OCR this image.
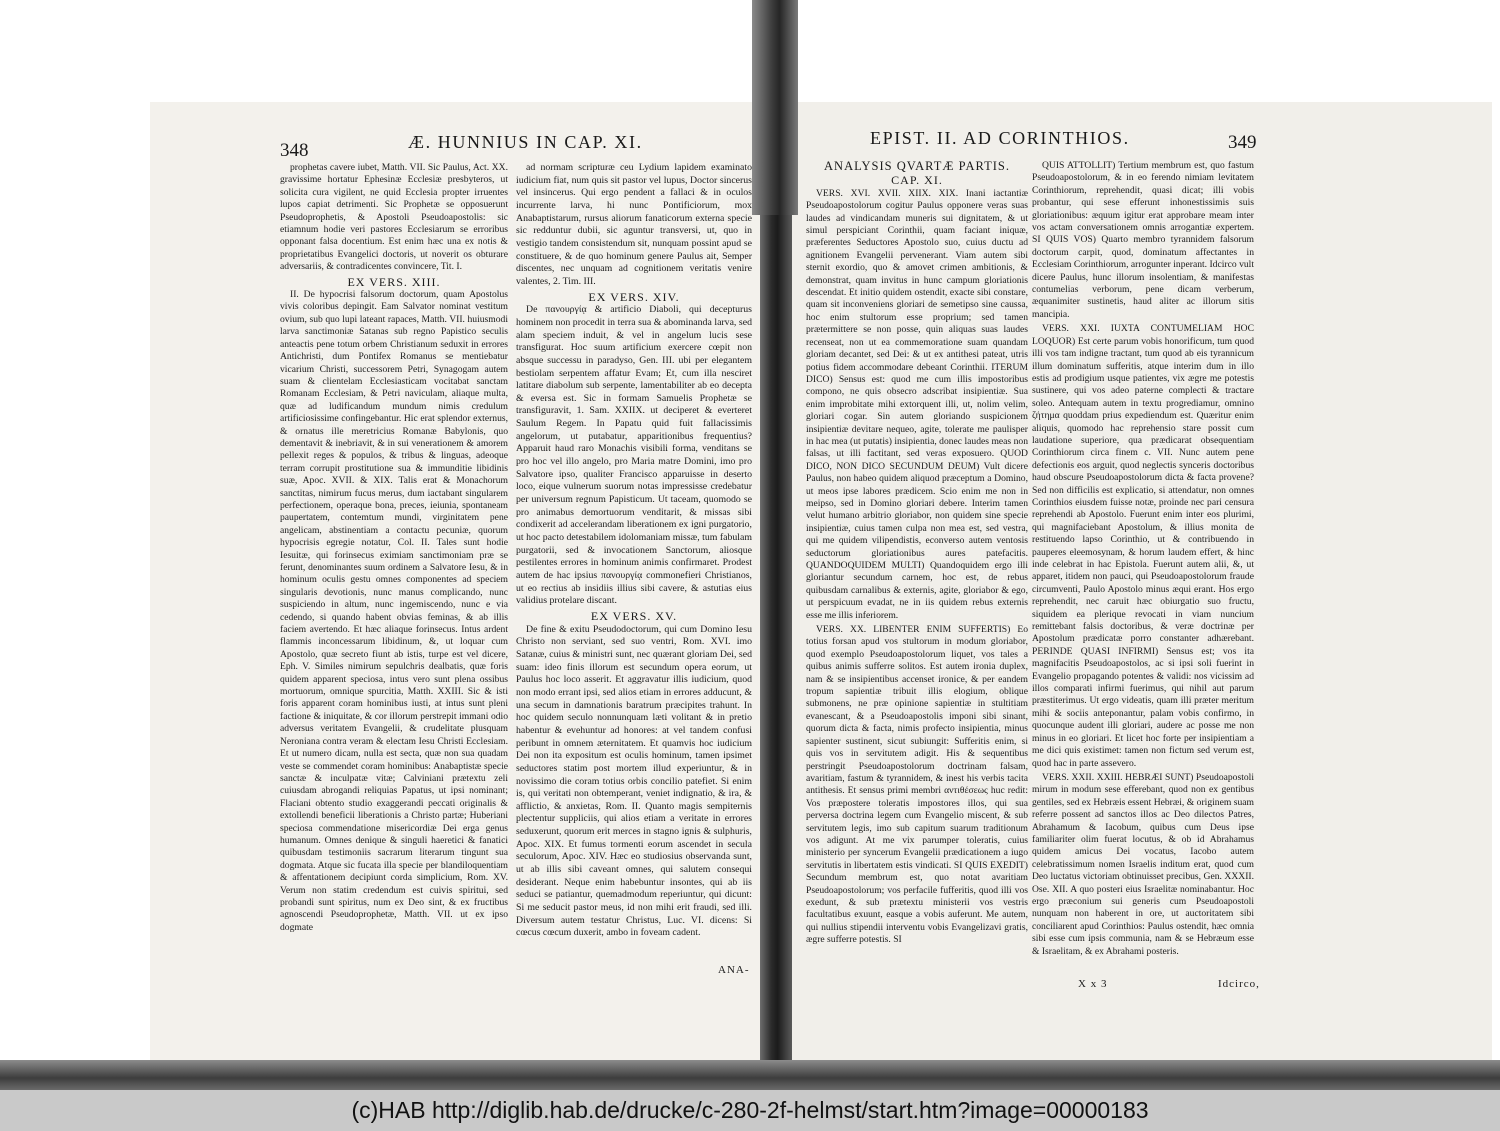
348	Æ. HUNNIUS IN CAP. XI.

prophetas cavere iubet, Matth. VII. Sic Paulus, Act. XX. gravissime hortatur Ephesinæ Ecclesiæ presbyteros, ut solicita cura vigilent, ne quid Ecclesia propter irruentes lupos capiat detrimenti. Sic Prophetæ se opposuerunt Pseudoprophetis, & Apostoli Pseudoapostolis: sic etiamnum hodie veri pastores Ecclesiarum se erroribus opponant falsa docentium. Est enim hæc una ex notis & proprietatibus Evangelici doctoris, ut noverit os obturare adversariis, & contradicentes convincere, Tit. I.

EX VERS. XIII.

II. De hypocrisi falsorum doctorum, quam Apostolus vivis coloribus depingit. Eam Salvator nominat vestitum ovium, sub quo lupi lateant rapaces, Matth. VII. huiusmodi larva sanctimoniæ Satanas sub regno Papistico seculis anteactis pene totum orbem Christianum seduxit in errores Antichristi, dum Pontifex Romanus se mentiebatur vicarium Christi, successorem Petri, Synagogam autem suam & clientelam Ecclesiasticam vocitabat sanctam Romanam Ecclesiam, & Petri naviculam, aliaque multa, quæ ad ludificandum mundum nimis credulum artificiosissime confingebantur. Hic erat splendor externus, & ornatus ille meretricius Romanæ Babylonis, quo dementavit & inebriavit, & in sui venerationem & amorem pellexit reges & populos, & tribus & linguas, adeoque terram corrupit prostitutione sua & immunditie libidinis suæ, Apoc. XVII. & XIX. Talis erat & Monachorum sanctitas, nimirum fucus merus, dum iactabant singularem perfectionem, operaque bona, preces, ieiunia, spontaneam paupertatem, contemtum mundi, virginitatem pene angelicam, abstinentiam a contactu pecuniæ, quorum hypocrisis egregie notatur, Col. II. Tales sunt hodie Iesuitæ, qui forinsecus eximiam sanctimoniam præ se ferunt, denominantes suum ordinem a Salvatore Iesu, & in hominum oculis gestu omnes componentes ad speciem singularis devotionis, nunc manus complicando, nunc suspiciendo in altum, nunc ingemiscendo, nunc e via cedendo, si quando habent obvias feminas, & ab illis faciem avertendo. Et hæc aliaque forinsecus. Intus ardent flammis inconcessarum libidinum, &, ut loquar cum Apostolo, quæ secreto fiunt ab istis, turpe est vel dicere, Eph. V. Similes nimirum sepulchris dealbatis, quæ foris quidem apparent speciosa, intus vero sunt plena ossibus mortuorum, omnique spurcitia, Matth. XXIII. Sic & isti foris apparent coram hominibus iusti, at intus sunt pleni factione & iniquitate, & cor illorum perstrepit immani odio adversus veritatem Evangelii, & crudelitate plusquam Neroniana contra veram & electam Iesu Christi Ecclesiam. Et ut numero dicam, nulla est secta, quæ non sua quadam veste se commendet coram hominibus: Anabaptistæ specie sanctæ & inculpatæ vitæ; Calviniani prætextu zeli cuiusdam abrogandi reliquias Papatus, ut ipsi nominant; Flaciani obtento studio exaggerandi peccati originalis & extollendi beneficii liberationis a Christo partæ; Huberiani speciosa commendatione misericordiæ Dei erga genus humanum. Omnes denique & singuli haeretici & fanatici quibusdam testimoniis sacrarum literarum tingunt sua dogmata. Atque sic fucata illa specie per blandiloquentiam & affentationem decipiunt corda simplicium, Rom. XV. Verum non statim credendum est cuivis spiritui, sed probandi sunt spiritus, num ex Deo sint, & ex fructibus agnoscendi Pseudoprophetæ, Matth. VII. ut ex ipso dogmate

ad normam scripturæ ceu Lydium lapidem examinato iudicium fiat, num quis sit pastor vel lupus, Doctor sincerus vel insincerus. Qui ergo pendent a fallaci & in oculos incurrente larva, hi nunc Pontificiorum, mox Anabaptistarum, rursus aliorum fanaticorum externa specie sic redduntur dubii, sic aguntur transversi, ut, quo in vestigio tandem consistendum sit, nunquam possint apud se constituere, & de quo hominum genere Paulus ait, Semper discentes, nec unquam ad cognitionem veritatis venire valentes, 2. Tim. III.

EX VERS. XIV.

De πανουργίᾳ & artificio Diaboli, qui decepturus hominem non procedit in terra sua & abominanda larva, sed alam speciem induit, & vel in angelum lucis sese transfigurat. Hoc suum artificium exercere cœpit non absque successu in paradyso, Gen. III. ubi per elegantem bestiolam serpentem affatur Evam; Et, cum illa nesciret latitare diabolum sub serpente, lamentabiliter ab eo decepta & eversa est. Sic in formam Samuelis Prophetæ se transfiguravit, 1. Sam. XXIIX. ut deciperet & everteret Saulum Regem. In Papatu quid fuit fallacissimis angelorum, ut putabatur, apparitionibus frequentius? Apparuit haud raro Monachis visibili forma, venditans se pro hoc vel illo angelo, pro Maria matre Domini, imo pro Salvatore ipso, qualiter Francisco apparuisse in deserto loco, eique vulnerum suorum notas impressisse credebatur per universum regnum Papisticum. Ut taceam, quomodo se pro animabus demortuorum venditarit, & missas sibi condixerit ad accelerandam liberationem ex igni purgatorio, ut hoc pacto detestabilem idolomaniam missæ, tum fabulam purgatorii, sed & invocationem Sanctorum, aliosque pestilentes errores in hominum animis confirmaret. Prodest autem de hac ipsius πανουργίᾳ commonefieri Christianos, ut eo rectius ab insidiis illius sibi cavere, & astutias eius validius protelare discant.

EX VERS. XV.

De fine & exitu Pseudodoctorum, qui cum Domino Iesu Christo non serviant, sed suo ventri, Rom. XVI. imo Satanæ, cuius & ministri sunt, nec quærant gloriam Dei, sed suam: ideo finis illorum est secundum opera eorum, ut Paulus hoc loco asserit. Et aggravatur illis iudicium, quod non modo errant ipsi, sed alios etiam in errores adducunt, & una secum in damnationis baratrum præcipites trahunt. In hoc quidem seculo nonnunquam læti volitant & in pretio habentur & evehuntur ad honores: at vel tandem confusi peribunt in omnem æternitatem. Et quamvis hoc iudicium Dei non ita expositum est oculis hominum, tamen ipsimet seductores statim post mortem illud experiuntur, & in novissimo die coram totius orbis concilio patefiet. Si enim is, qui veritati non obtemperant, veniet indignatio, & ira, & afflictio, & anxietas, Rom. II. Quanto magis sempiternis plectentur suppliciis, qui alios etiam a veritate in errores seduxerunt, quorum erit merces in stagno ignis & sulphuris, Apoc. XIX. Et fumus tormenti eorum ascendet in secula seculorum, Apoc. XIV. Hæc eo studiosius observanda sunt, ut ab illis sibi caveant omnes, qui salutem consequi desiderant. Neque enim habebuntur insontes, qui ab iis seduci se patiantur, quemadmodum reperiuntur, qui dicunt: Si me seducit pastor meus, id non mihi erit fraudi, sed illi. Diversum autem testatur Christus, Luc. VI. dicens: Si cœcus cœcum duxerit, ambo in foveam cadent.

ANA-
EPIST. II. AD CORINTHIOS.	349
ANALYSIS QVARTÆ PARTIS.
CAP. XI.

VERS. XVI. XVII. XIIX. XIX. Inani iactantiæ Pseudoapostolorum cogitur Paulus opponere veras suas laudes ad vindicandam muneris sui dignitatem, & ut simul perspiciant Corinthii, quam faciant iniquæ, præferentes Seductores Apostolo suo, cuius ductu ad agnitionem Evangelii pervenerant. Viam autem sibi sternit exordio, quo & amovet crimen ambitionis, & demonstrat, quam invitus in hunc campum gloriationis descendat. Et initio quidem ostendit, exacte sibi constare, quam sit inconveniens gloriari de semetipso sine caussa, hoc enim stultorum esse proprium; sed tamen prætermittere se non posse, quin aliquas suas laudes recenseat, non ut ea commemoratione suam quandam gloriam decantet, sed Dei: & ut ex antithesi pateat, utris potius fidem accommodare debeant Corinthii. ITERUM DICO) Sensus est: quod me cum illis impostoribus compono, ne quis obsecro adscribat insipientiæ. Sua enim improbitate mihi extorquent illi, ut, nolim velim, gloriari cogar. Sin autem gloriando suspicionem insipientiæ devitare nequeo, agite, tolerate me paulisper in hac mea (ut putatis) insipientia, donec laudes meas non falsas, ut illi factitant, sed veras exposuero. QUOD DICO, NON DICO SECUNDUM DEUM) Vult dicere Paulus, non habeo quidem aliquod præceptum a Domino, ut meos ipse labores prædicem. Scio enim me non in meipso, sed in Domino gloriari debere. Interim tamen velut humano arbitrio gloriabor, non quidem sine specie insipientiæ, cuius tamen culpa non mea est, sed vestra, qui me quidem vilipendistis, econverso autem ventosis seductorum gloriationibus aures patefacitis. QUANDOQUIDEM MULTI) Quandoquidem ergo illi gloriantur secundum carnem, hoc est, de rebus quibusdam carnalibus & externis, agite, gloriabor & ego, ut perspicuum evadat, ne in iis quidem rebus externis esse me illis inferiorem.

VERS. XX. LIBENTER ENIM SUFFERTIS) Eo totius forsan apud vos stultorum in modum gloriabor, quod exemplo Pseudoapostolorum liquet, vos tales a quibus animis sufferre solitos. Est autem ironia duplex, nam & se insipientibus accenset ironice, & per eandem tropum sapientiæ tribuit illis elogium, oblique submonens, ne præ opinione sapientiæ in stultitiam evanescant, & a Pseudoapostolis imponi sibi sinant, quorum dicta & facta, nimis profecto insipientia, minus sapienter sustinent, sicut subiungit: Sufferitis enim, si quis vos in servitutem adigit. His & sequentibus perstringit Pseudoapostolorum doctrinam falsam, avaritiam, fastum & tyrannidem, & inest his verbis tacita antithesis. Et sensus primi membri αντιθέσεως huc redit: Vos præpostere toleratis impostores illos, qui sua perversa doctrina legem cum Evangelio miscent, & sub servitutem legis, imo sub capitum suarum traditionum vos adigunt. At me vix parumper toleratis, cuius ministerio per syncerum Evangelii prædicationem a iugo servitutis in libertatem estis vindicati. SI QUIS EXEDIT) Secundum membrum est, quo notat avaritiam Pseudoapostolorum; vos perfacile fufferitis, quod illi vos exedunt, & sub prætextu ministerii vos vestris facultatibus exuunt, easque a vobis auferunt. Me autem, qui nullius stipendii interventu vobis Evangelizavi gratis, ægre sufferre potestis. SI

QUIS ATTOLLIT) Tertium membrum est, quo fastum Pseudoapostolorum, & in eo ferendo nimiam levitatem Corinthiorum, reprehendit, quasi dicat; illi vobis probantur, qui sese efferunt inhonestissimis suis gloriationibus: æquum igitur erat approbare meam inter vos actam conversationem omnis arrogantiæ expertem. SI QUIS VOS) Quarto membro tyrannidem falsorum doctorum carpit, quod, dominatum affectantes in Ecclesiam Corinthiorum, arrogunter inperant. Idcirco vult dicere Paulus, hunc illorum insolentiam, & manifestas contumelias verborum, pene dicam verberum, æquanimiter sustinetis, haud aliter ac illorum sitis mancipia.

VERS. XXI. IUXTA CONTUMELIAM HOC LOQUOR) Est certe parum vobis honorificum, tum quod illi vos tam indigne tractant, tum quod ab eis tyrannicum illum dominatum sufferitis, atque interim dum in illo estis ad prodigium usque patientes, vix ægre me potestis sustinere, qui vos adeo paterne complecti & tractare soleo. Antequam autem in textu progrediamur, omnino ζήτημα quoddam prius expediendum est. Quæritur enim aliquis, quomodo hac reprehensio stare possit cum laudatione superiore, qua prædicarat obsequentiam Corinthiorum circa finem c. VII. Nunc autem pene defectionis eos arguit, quod neglectis synceris doctoribus haud obscure Pseudoapostolorum dicta & facta provene? Sed non difficilis est explicatio, si attendatur, non omnes Corinthios eiusdem fuisse notæ, proinde nec pari censura reprehendi ab Apostolo. Fuerunt enim inter eos plurimi, qui magnifaciebant Apostolum, & illius monita de restituendo lapso Corinthio, ut & contribuendo in pauperes eleemosynam, & horum laudem effert, & hinc inde celebrat in hac Epistola. Fuerunt autem alii, &, ut apparet, itidem non pauci, qui Pseudoapostolorum fraude circumventi, Paulo Apostolo minus æqui erant. Hos ergo reprehendit, nec caruit hæc obiurgatio suo fructu, siquidem ea plerique revocati in viam nuncium remittebant falsis doctoribus, & veræ doctrinæ per Apostolum prædicatæ porro constanter adhærebant. PERINDE QUASI INFIRMI) Sensus est; vos ita magnifacitis Pseudoapostolos, ac si ipsi soli fuerint in Evangelio propagando potentes & validi: nos vicissim ad illos comparati infirmi fuerimus, qui nihil aut parum præstiterimus. Ut ergo videatis, quam illi præter meritum mihi & sociis anteponantur, palam vobis confirmo, in quocunque audent illi gloriari, audere ac posse me non minus in eo gloriari. Et licet hoc forte per insipientiam a me dici quis existimet: tamen non fictum sed verum est, quod hac in parte assevero.

VERS. XXII. XXIII. HEBRÆI SUNT) Pseudoapostoli mirum in modum sese efferebant, quod non ex gentibus gentiles, sed ex Hebræis essent Hebræi, & originem suam referre possent ad sanctos illos ac Deo dilectos Patres, Abrahamum & Iacobum, quibus cum Deus ipse familiariter olim fuerat locutus, & ob id Abrahamus quidem amicus Dei vocatus, Iacobo autem celebratissimum nomen Israelis inditum erat, quod cum Deo luctatus victoriam obtinuisset precibus, Gen. XXXII. Ose. XII. A quo posteri eius Israelitæ nominabantur. Hoc ergo præconium sui generis cum Pseudoapostoli nunquam non haberent in ore, ut auctoritatem sibi conciliarent apud Corinthios: Paulus ostendit, hæc omnia sibi esse cum ipsis communia, nam & se Hebræum esse & Israelitam, & ex Abrahami posteris.

X x 3	Idcirco,
(c)HAB http://diglib.hab.de/drucke/c-280-2f-helmst/start.htm?image=00000183
